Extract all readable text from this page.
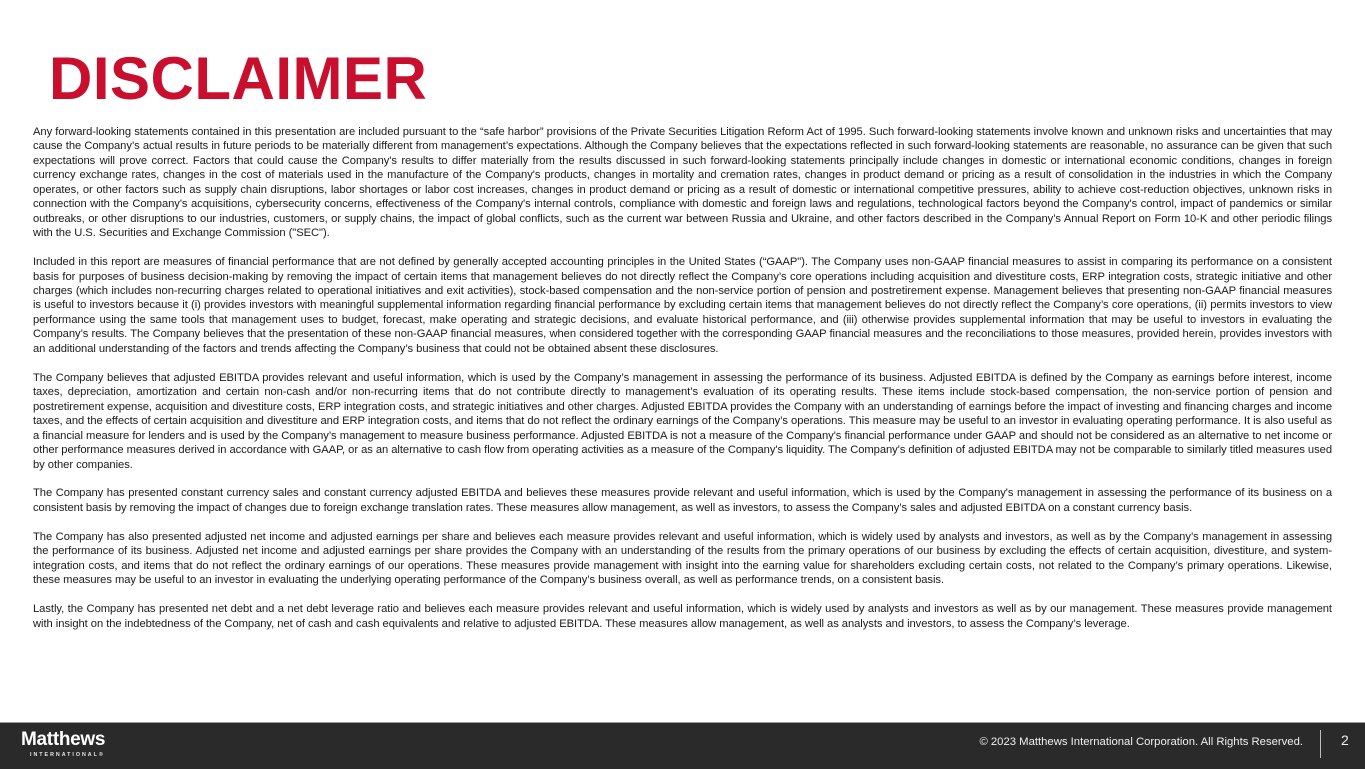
DISCLAIMER

Any forward-looking statements contained in this presentation are included pursuant to the “safe harbor” provisions of the Private Securities Litigation Reform Act of 1995. Such forward-looking statements involve known and unknown risks and uncertainties that may cause the Company’s actual results in future periods to be materially different from management’s expectations. Although the Company believes that the expectations reflected in such forward-looking statements are reasonable, no assurance can be given that such expectations will prove correct. Factors that could cause the Company's results to differ materially from the results discussed in such forward-looking statements principally include changes in domestic or international economic conditions, changes in foreign currency exchange rates, changes in the cost of materials used in the manufacture of the Company's products, changes in mortality and cremation rates, changes in product demand or pricing as a result of consolidation in the industries in which the Company operates, or other factors such as supply chain disruptions, labor shortages or labor cost increases, changes in product demand or pricing as a result of domestic or international competitive pressures, ability to achieve cost-reduction objectives, unknown risks in connection with the Company's acquisitions, cybersecurity concerns, effectiveness of the Company's internal controls, compliance with domestic and foreign laws and regulations, technological factors beyond the Company's control, impact of pandemics or similar outbreaks, or other disruptions to our industries, customers, or supply chains, the impact of global conflicts, such as the current war between Russia and Ukraine, and other factors described in the Company’s Annual Report on Form 10-K and other periodic filings with the U.S. Securities and Exchange Commission ("SEC").

Included in this report are measures of financial performance that are not defined by generally accepted accounting principles in the United States (“GAAP"). The Company uses non-GAAP financial measures to assist in comparing its performance on a consistent basis for purposes of business decision-making by removing the impact of certain items that management believes do not directly reflect the Company’s core operations including acquisition and divestiture costs, ERP integration costs, strategic initiative and other charges (which includes non-recurring charges related to operational initiatives and exit activities), stock-based compensation and the non-service portion of pension and postretirement expense. Management believes that presenting non-GAAP financial measures is useful to investors because it (i) provides investors with meaningful supplemental information regarding financial performance by excluding certain items that management believes do not directly reflect the Company’s core operations, (ii) permits investors to view performance using the same tools that management uses to budget, forecast, make operating and strategic decisions, and evaluate historical performance, and (iii) otherwise provides supplemental information that may be useful to investors in evaluating the Company’s results. The Company believes that the presentation of these non-GAAP financial measures, when considered together with the corresponding GAAP financial measures and the reconciliations to those measures, provided herein, provides investors with an additional understanding of the factors and trends affecting the Company’s business that could not be obtained absent these disclosures.

The Company believes that adjusted EBITDA provides relevant and useful information, which is used by the Company’s management in assessing the performance of its business. Adjusted EBITDA is defined by the Company as earnings before interest, income taxes, depreciation, amortization and certain non-cash and/or non-recurring items that do not contribute directly to management’s evaluation of its operating results. These items include stock-based compensation, the non-service portion of pension and postretirement expense, acquisition and divestiture costs, ERP integration costs, and strategic initiatives and other charges. Adjusted EBITDA provides the Company with an understanding of earnings before the impact of investing and financing charges and income taxes, and the effects of certain acquisition and divestiture and ERP integration costs, and items that do not reflect the ordinary earnings of the Company’s operations. This measure may be useful to an investor in evaluating operating performance. It is also useful as a financial measure for lenders and is used by the Company’s management to measure business performance. Adjusted EBITDA is not a measure of the Company's financial performance under GAAP and should not be considered as an alternative to net income or other performance measures derived in accordance with GAAP, or as an alternative to cash flow from operating activities as a measure of the Company's liquidity. The Company's definition of adjusted EBITDA may not be comparable to similarly titled measures used by other companies.

The Company has presented constant currency sales and constant currency adjusted EBITDA and believes these measures provide relevant and useful information, which is used by the Company's management in assessing the performance of its business on a consistent basis by removing the impact of changes due to foreign exchange translation rates. These measures allow management, as well as investors, to assess the Company’s sales and adjusted EBITDA on a constant currency basis.

The Company has also presented adjusted net income and adjusted earnings per share and believes each measure provides relevant and useful information, which is widely used by analysts and investors, as well as by the Company’s management in assessing the performance of its business. Adjusted net income and adjusted earnings per share provides the Company with an understanding of the results from the primary operations of our business by excluding the effects of certain acquisition, divestiture, and system-integration costs, and items that do not reflect the ordinary earnings of our operations. These measures provide management with insight into the earning value for shareholders excluding certain costs, not related to the Company’s primary operations. Likewise, these measures may be useful to an investor in evaluating the underlying operating performance of the Company’s business overall, as well as performance trends, on a consistent basis.

Lastly, the Company has presented net debt and a net debt leverage ratio and believes each measure provides relevant and useful information, which is widely used by analysts and investors as well as by our management. These measures provide management with insight on the indebtedness of the Company, net of cash and cash equivalents and relative to adjusted EBITDA. These measures allow management, as well as analysts and investors, to assess the Company’s leverage.

Matthews
INTERNATIONAL®
© 2023 Matthews International Corporation. All Rights Reserved.	2
